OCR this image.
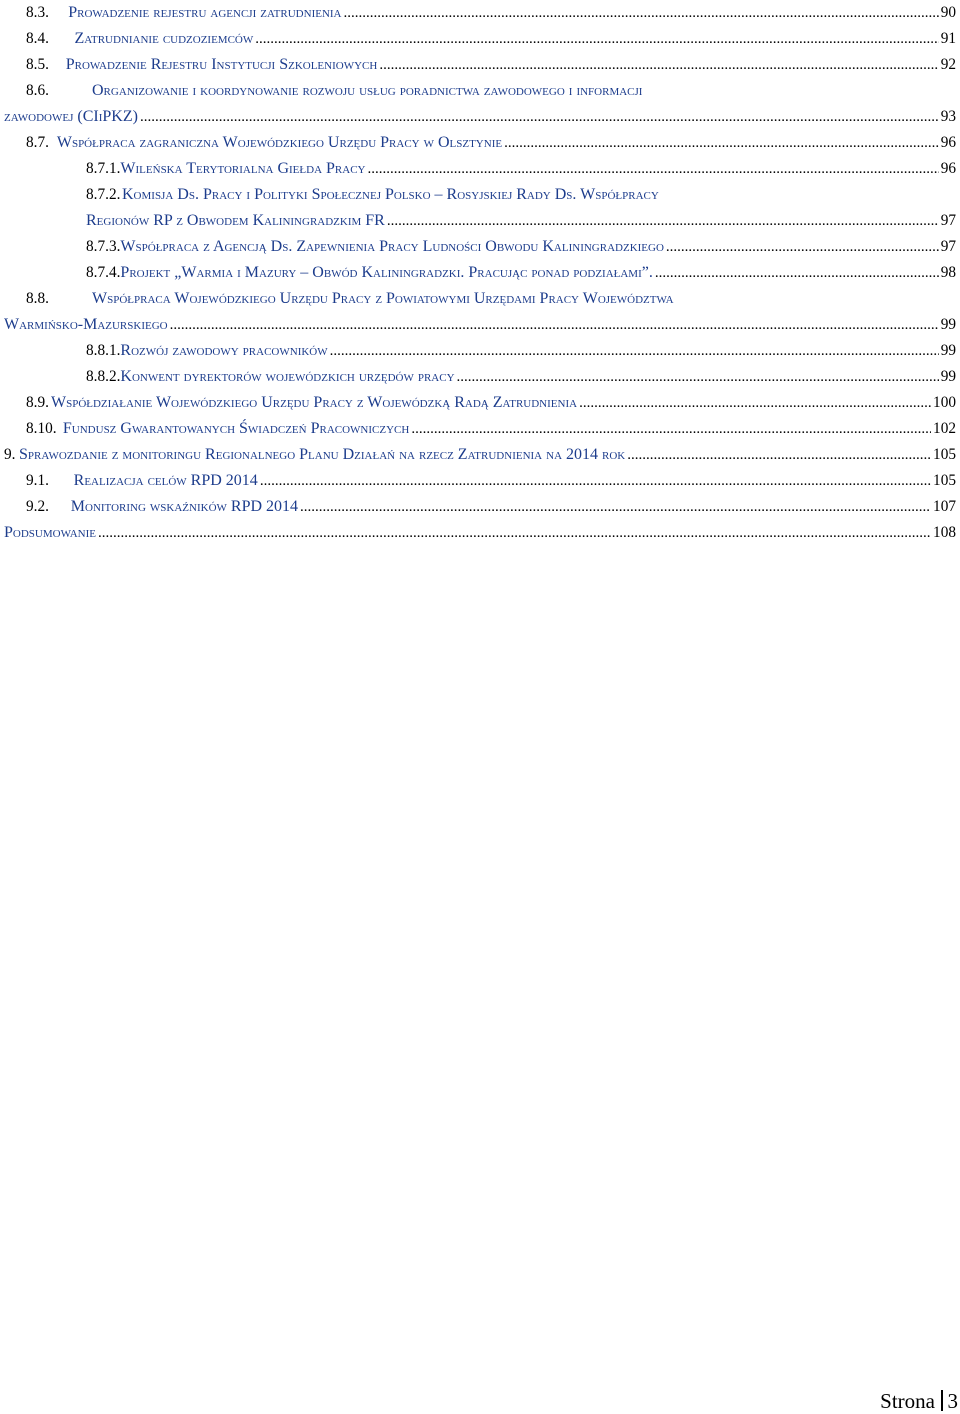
8.3.	Prowadzenie rejestru agencji zatrudnienia .....	90
8.4.	Zatrudnianie cudzoziemców .....	91
8.5.	Prowadzenie Rejestru Instytucji Szkoleniowych .....	92
8.6.	Organizowanie i koordynowanie rozwoju usług poradnictwa zawodowego i informacji
zawodowej (CIiPKZ) .....	93
8.7. Współpraca zagraniczna Wojewódzkiego Urzędu Pracy w Olsztynie .....	96
8.7.1. Wileńska Terytorialna Giełda Pracy .....	96
8.7.2. Komisja Ds. Pracy i Polityki Społecznej Polsko – Rosyjskiej Rady Ds. Współpracy
Regionów RP z Obwodem Kaliningradzkim FR .....	97
8.7.3. Współpraca z Agencją Ds. Zapewnienia Pracy Ludności Obwodu Kaliningradzkiego .....	97
8.7.4. Projekt „Warmia i Mazury – Obwód Kaliningradzki. Pracując ponad podziałami”. .....	98
8.8.	Współpraca Wojewódzkiego Urzędu Pracy z Powiatowymi Urzędami Pracy Województwa
Warmińsko-Mazurskiego .....	99
8.8.1. Rozwój zawodowy pracowników .....	99
8.8.2. Konwent dyrektorów wojewódzkich urzędów pracy .....	99
8.9. Współdziałanie Wojewódzkiego Urzędu Pracy z Wojewódzką Radą Zatrudnienia .....	100
8.10. Fundusz Gwarantowanych Świadczeń Pracowniczych .....	102
9. Sprawozdanie z monitoringu Regionalnego Planu Działań na rzecz Zatrudnienia na 2014 rok .....	105
9.1.	Realizacja celów RPD 2014 .....	105
9.2.	Monitoring wskaźników RPD 2014 .....	107
Podsumowanie .....	108
Strona 3
